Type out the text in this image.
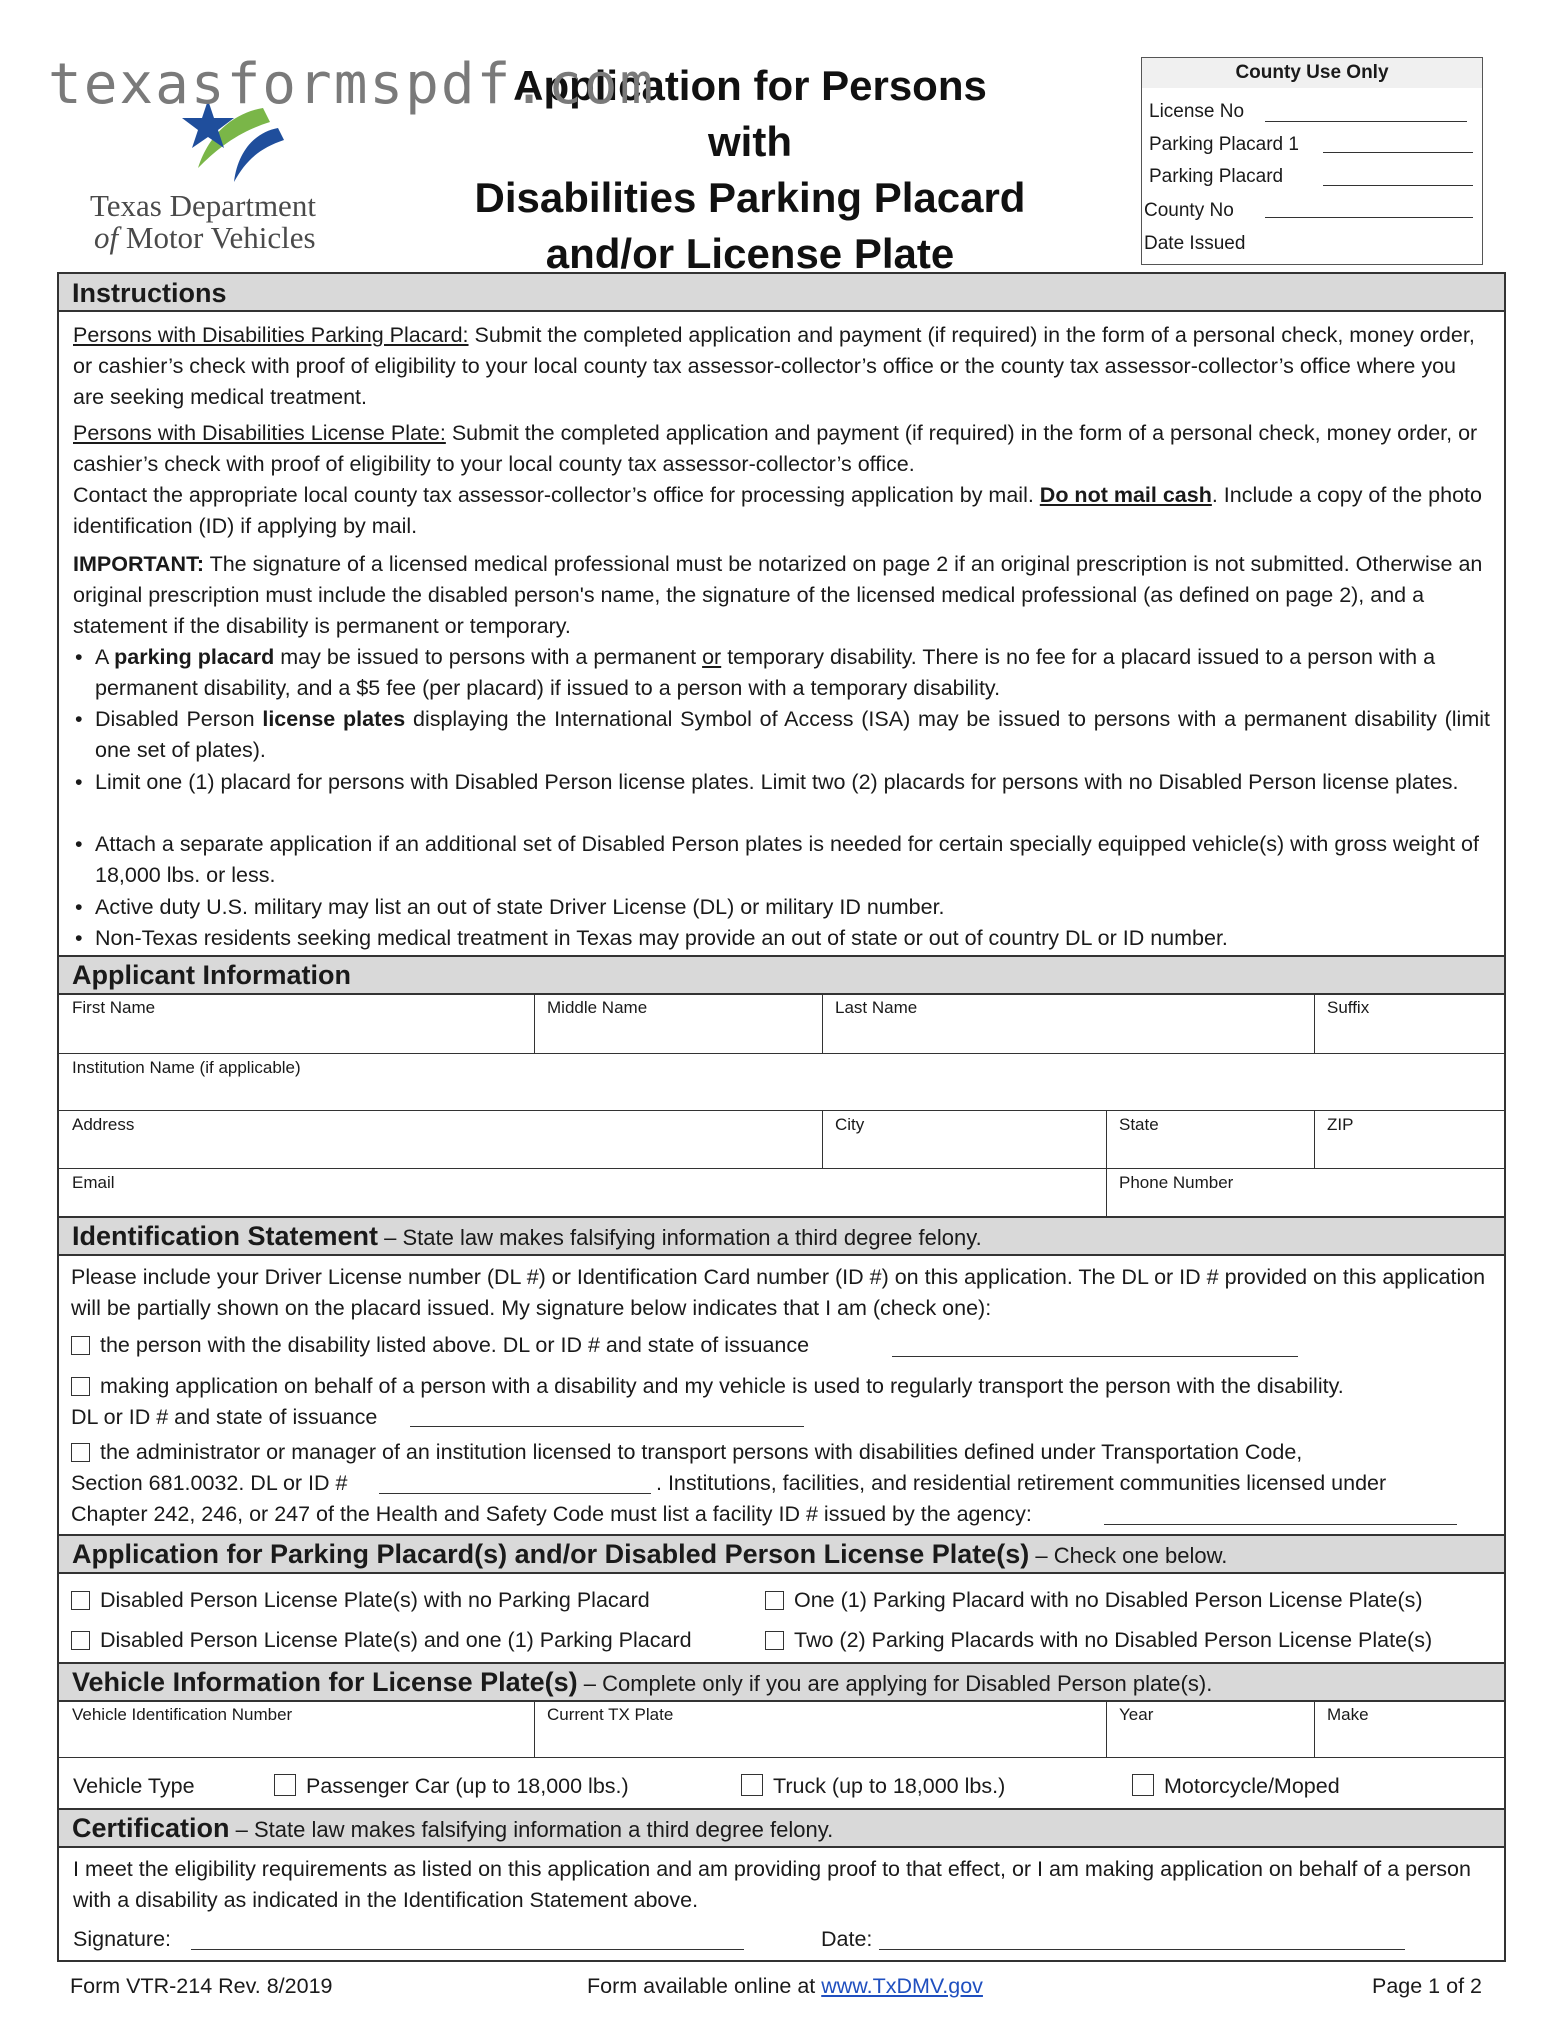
texasformspdf.com
Texas Department
of Motor Vehicles
Application for Persons with
Disabilities Parking Placard
and/or License Plate
County Use Only
License No
Parking Placard 1
Parking Placard
County No
Date Issued
Instructions
Persons with Disabilities Parking Placard: Submit the completed application and payment (if required) in the form of a personal check, money order, or cashier’s check with proof of eligibility to your local county tax assessor-collector’s office or the county tax assessor-collector’s office where you are seeking medical treatment.
Persons with Disabilities License Plate: Submit the completed application and payment (if required) in the form of a personal check, money order, or cashier’s check with proof of eligibility to your local county tax assessor-collector’s office.
Contact the appropriate local county tax assessor-collector’s office for processing application by mail. Do not mail cash. Include a copy of the photo identification (ID) if applying by mail.
IMPORTANT: The signature of a licensed medical professional must be notarized on page 2 if an original prescription is not submitted. Otherwise an original prescription must include the disabled person's name, the signature of the licensed medical professional (as defined on page 2), and a statement if the disability is permanent or temporary.
• A parking placard may be issued to persons with a permanent or temporary disability. There is no fee for a placard issued to a person with a permanent disability, and a $5 fee (per placard) if issued to a person with a temporary disability.
• Disabled Person license plates displaying the International Symbol of Access (ISA) may be issued to persons with a permanent disability (limit one set of plates).
• Limit one (1) placard for persons with Disabled Person license plates. Limit two (2) placards for persons with no Disabled Person license plates.
• Attach a separate application if an additional set of Disabled Person plates is needed for certain specially equipped vehicle(s) with gross weight of 18,000 lbs. or less.
• Active duty U.S. military may list an out of state Driver License (DL) or military ID number.
• Non-Texas residents seeking medical treatment in Texas may provide an out of state or out of country DL or ID number.
Applicant Information
First Name	Middle Name	Last Name	Suffix
Institution Name (if applicable)
Address	City	State	ZIP
Email	Phone Number
Identification Statement – State law makes falsifying information a third degree felony.
Please include your Driver License number (DL #) or Identification Card number (ID #) on this application. The DL or ID # provided on this application will be partially shown on the placard issued. My signature below indicates that I am (check one):
the person with the disability listed above. DL or ID # and state of issuance
making application on behalf of a person with a disability and my vehicle is used to regularly transport the person with the disability.
DL or ID # and state of issuance
the administrator or manager of an institution licensed to transport persons with disabilities defined under Transportation Code,
Section 681.0032. DL or ID #	. Institutions, facilities, and residential retirement communities licensed under
Chapter 242, 246, or 247 of the Health and Safety Code must list a facility ID # issued by the agency:
Application for Parking Placard(s) and/or Disabled Person License Plate(s) – Check one below.
Disabled Person License Plate(s) with no Parking Placard
Disabled Person License Plate(s) and one (1) Parking Placard
One (1) Parking Placard with no Disabled Person License Plate(s)
Two (2) Parking Placards with no Disabled Person License Plate(s)
Vehicle Information for License Plate(s) – Complete only if you are applying for Disabled Person plate(s).
Vehicle Identification Number	Current TX Plate	Year	Make
Vehicle Type	Passenger Car (up to 18,000 lbs.)	Truck (up to 18,000 lbs.)	Motorcycle/Moped
Certification – State law makes falsifying information a third degree felony.
I meet the eligibility requirements as listed on this application and am providing proof to that effect, or I am making application on behalf of a person with a disability as indicated in the Identification Statement above.
Signature:	Date:
Form VTR-214 Rev. 8/2019	Form available online at www.TxDMV.gov	Page 1 of 2
